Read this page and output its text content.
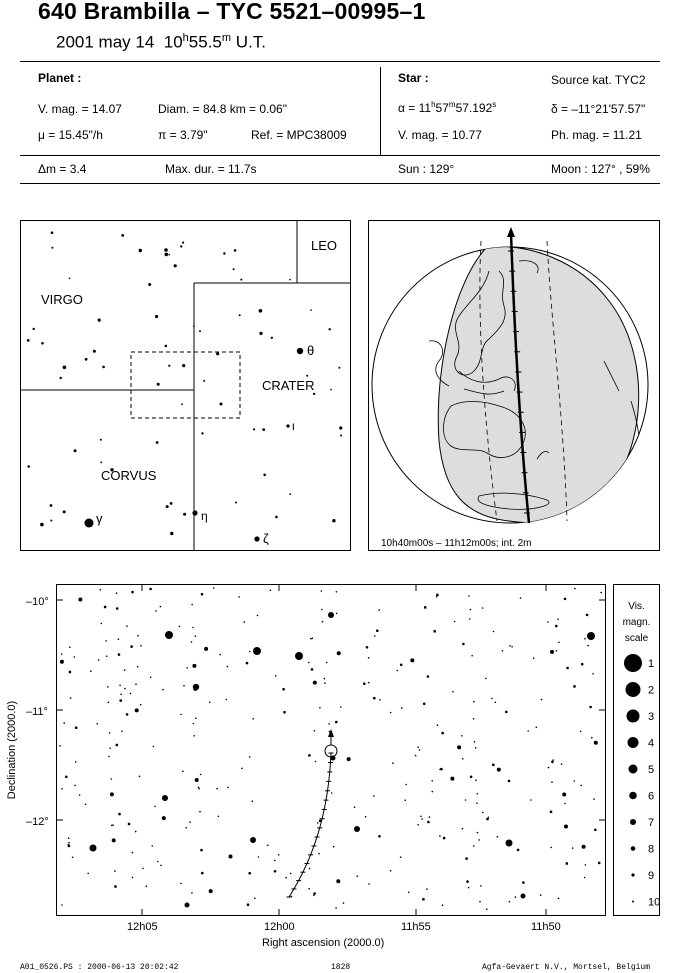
640 Brambilla – TYC 5521–00995–1
2001 may 14 10$^h$55.5$^m$ U.T.
Planet :
V. mag. = 14.07	Diam. = 84.8 km = 0.06"
μ = 15.45"/h	π = 3.79"	Ref. = MPC38009
Star :	Source kat. TYC2
$\alpha = 11^h57^m57.192^s$	δ = –11°21'57.57"
V. mag. = 10.77	Ph. mag. = 11.21
Δm = 3.4	Max. dur. = 11.7s	Sun : 129°	Moon : 127° , 59%
LEO
VIRGO
CRATER
CORVUS
θ
ι
γ	η
ζ	10h40m00s – 11h12m00s; int. 2m
–10°
–11°
–12°
12h05	12h00	11h55	11h50
Right ascension (2000.0)
Declination (2000.0)
Vis.
magn.
scale
1
2
3
4
5
6
7
8
9
10
A01_0526.PS : 2000-06-13 20:02:42	1828	Agfa-Gevaert N.V., Mortsel, Belgium
